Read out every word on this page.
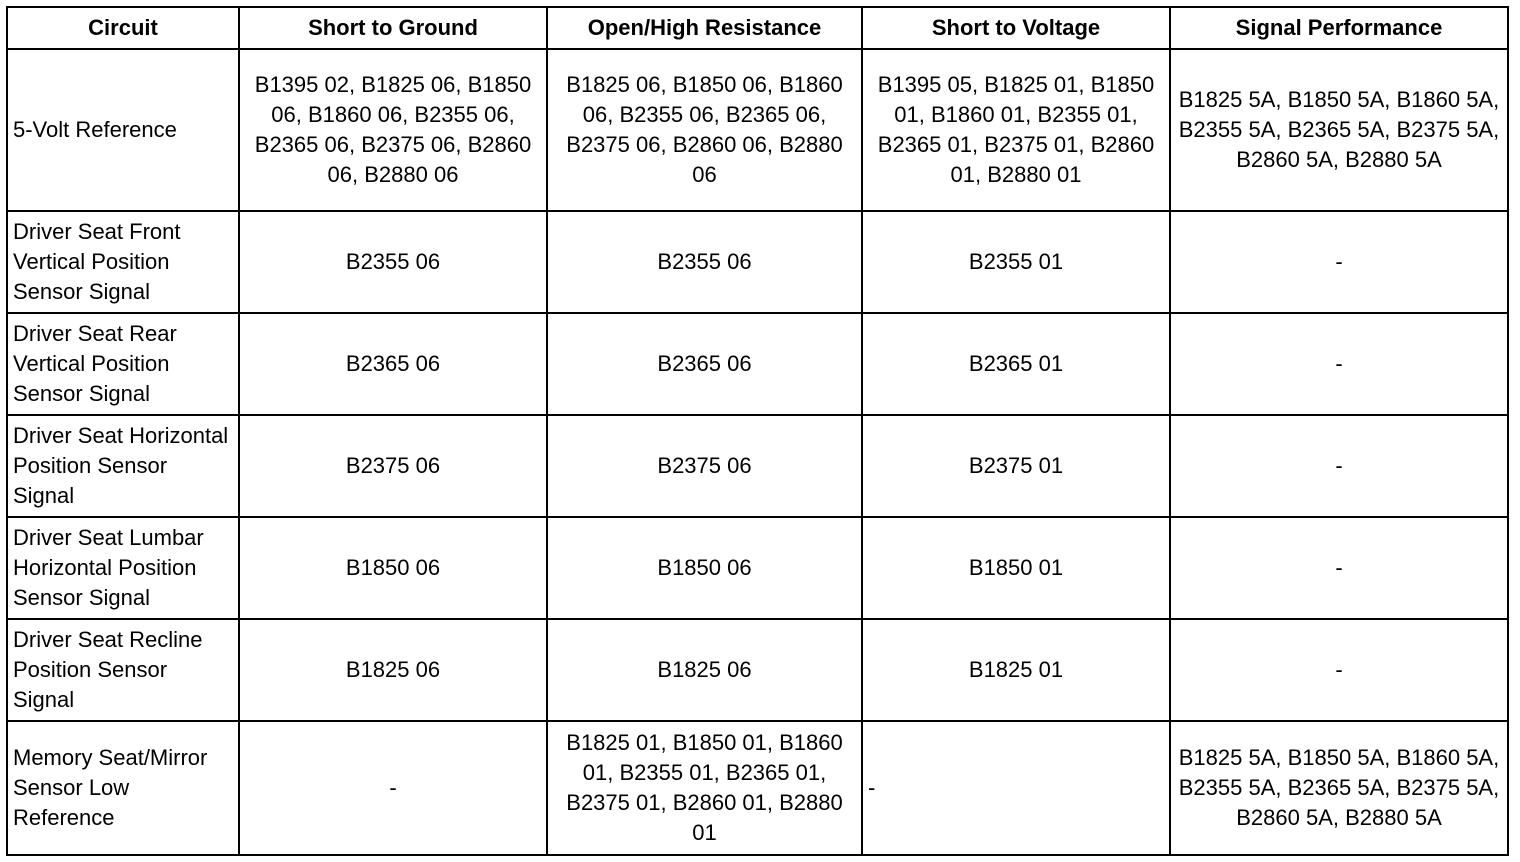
Circuit	Short to Ground	Open/High Resistance	Short to Voltage	Signal Performance
5-Volt Reference	B1395 02, B1825 06, B1850 06, B1860 06, B2355 06, B2365 06, B2375 06, B2860 06, B2880 06	B1825 06, B1850 06, B1860 06, B2355 06, B2365 06, B2375 06, B2860 06, B2880 06	B1395 05, B1825 01, B1850 01, B1860 01, B2355 01, B2365 01, B2375 01, B2860 01, B2880 01	B1825 5A, B1850 5A, B1860 5A, B2355 5A, B2365 5A, B2375 5A, B2860 5A, B2880 5A
Driver Seat Front Vertical Position Sensor Signal	B2355 06	B2355 06	B2355 01	-
Driver Seat Rear Vertical Position Sensor Signal	B2365 06	B2365 06	B2365 01	-
Driver Seat Horizontal Position Sensor Signal	B2375 06	B2375 06	B2375 01	-
Driver Seat Lumbar Horizontal Position Sensor Signal	B1850 06	B1850 06	B1850 01	-
Driver Seat Recline Position Sensor Signal	B1825 06	B1825 06	B1825 01	-
Memory Seat/Mirror Sensor Low Reference	-	B1825 01, B1850 01, B1860 01, B2355 01, B2365 01, B2375 01, B2860 01, B2880 01	-	B1825 5A, B1850 5A, B1860 5A, B2355 5A, B2365 5A, B2375 5A, B2860 5A, B2880 5A
